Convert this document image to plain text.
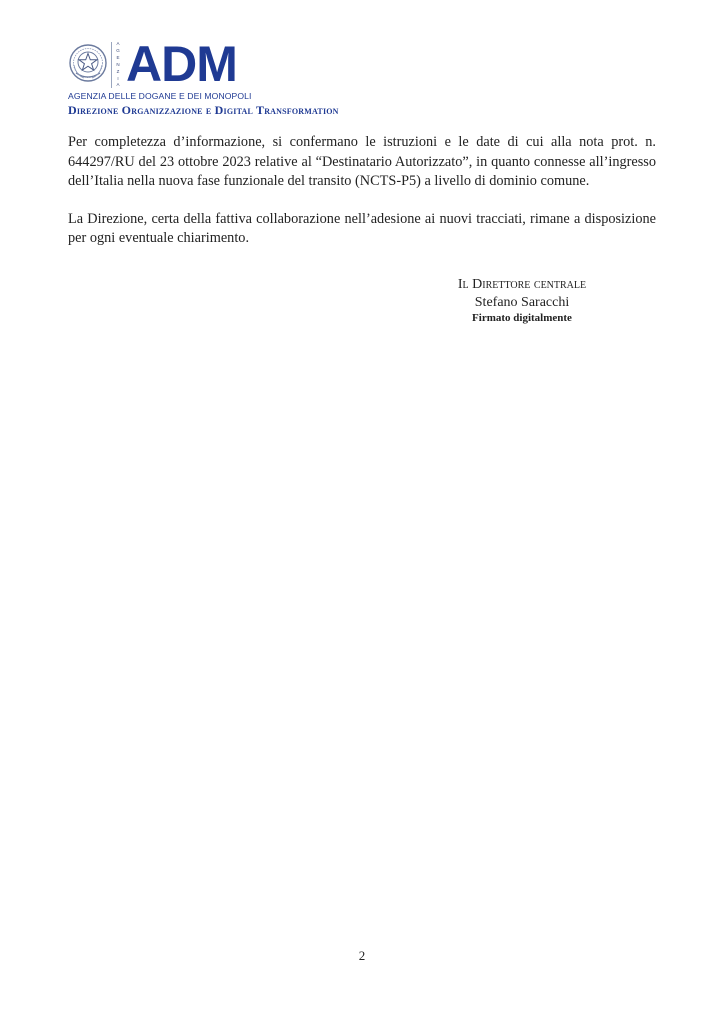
A
G
E
N
Z
I
A ADM
AGENZIA DELLE DOGANE E DEI MONOPOLI
Direzione Organizzazione e Digital Transformation

Per completezza d’informazione, si confermano le istruzioni e le date di cui alla nota prot. n. 644297/RU del 23 ottobre 2023 relative al “Destinatario Autorizzato”, in quanto connesse all’ingresso dell’Italia nella nuova fase funzionale del transito (NCTS-P5) a livello di dominio comune.

La Direzione, certa della fattiva collaborazione nell’adesione ai nuovi tracciati, rimane a disposizione per ogni eventuale chiarimento.

Il Direttore centrale
Stefano Saracchi
Firmato digitalmente
2
